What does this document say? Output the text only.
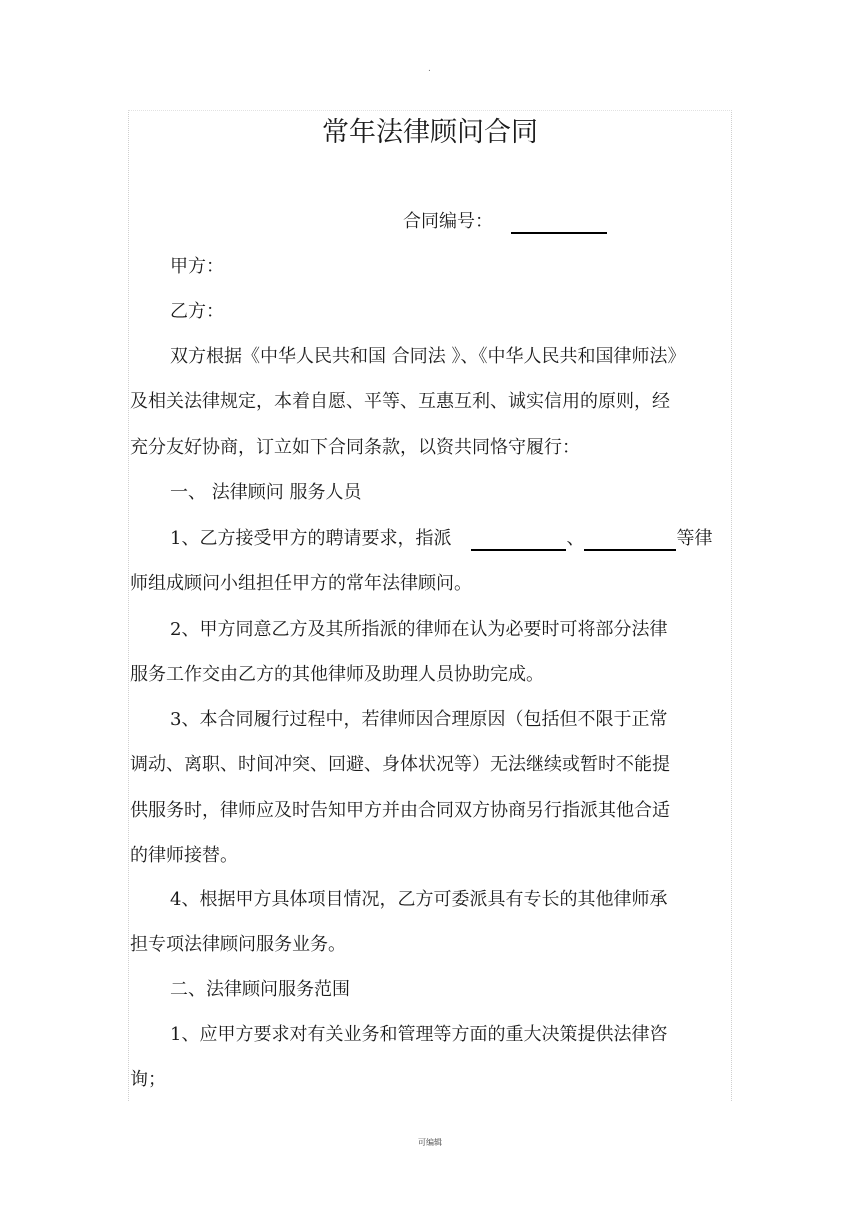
.
常年法律顾问合同
合同编号：
甲方：
乙方：
双方根据《中华人民共和国 合同法 》、《中华人民共和国律师法》
及相关法律规定，本着自愿、平等、互惠互利、诚实信用的原则，经
充分友好协商，订立如下合同条款，以资共同恪守履行：
一、 法律顾问 服务人员
1、乙方接受甲方的聘请要求，指派	、	等律
师组成顾问小组担任甲方的常年法律顾问。
2、甲方同意乙方及其所指派的律师在认为必要时可将部分法律
服务工作交由乙方的其他律师及助理人员协助完成。
3、本合同履行过程中，若律师因合理原因（包括但不限于正常
调动、离职、时间冲突、回避、身体状况等）无法继续或暂时不能提
供服务时，律师应及时告知甲方并由合同双方协商另行指派其他合适
的律师接替。
4、根据甲方具体项目情况，乙方可委派具有专长的其他律师承
担专项法律顾问服务业务。
二、法律顾问服务范围
1、应甲方要求对有关业务和管理等方面的重大决策提供法律咨
询；
可编辑
